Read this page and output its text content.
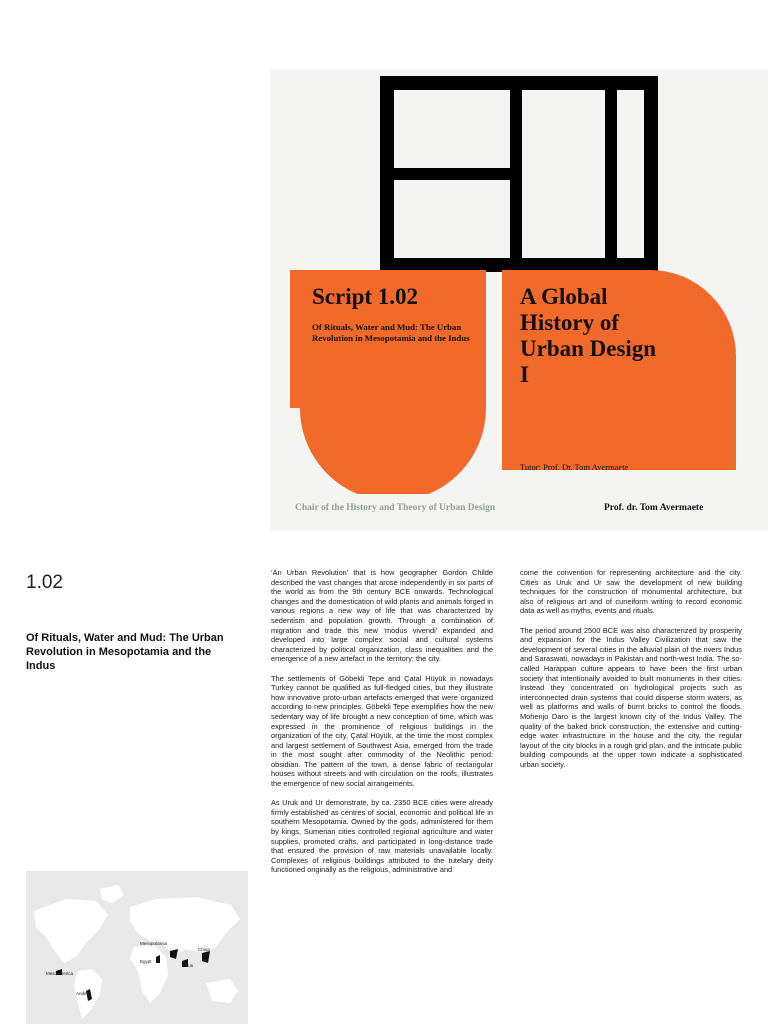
Script 1.02

Of Rituals, Water and Mud: The Urban Revolution in Mesopotamia and the Indus

A Global
History of
Urban Design
I

Tutor: Prof. Dr. Tom Avermaete

Chair of the History and Theory of Urban Design	Prof. dr. Tom Avermaete

1.02
Of Rituals, Water and Mud: The Urban Revolution in Mesopotamia and the Indus
Mesopotamia
China
Egypt
Indus
Mesoamerica
Andes

‘An Urban Revolution’ that is how geographer Gordon Childe described the vast changes that arose independently in six parts of the world as from the 9th century BCE onwards. Technological changes and the domestication of wild plants and animals forged in various regions a new way of life that was characterized by sedentism and population growth. Through a combination of migration and trade this new ‘modus vivendi’ expanded and developed into large complex social and cultural systems characterized by political organization, class inequalities and the emergence of a new artefact in the territory: the city.

The settlements of Göbekli Tepe and Çatal Hüyük in nowadays Turkey cannot be qualified as full-fledged cities, but they illustrate how innovative proto-urban artefacts emerged that were organized according to new principles. Göbekli Tepe exemplifies how the new sedentary way of life brought a new conception of time, which was expressed in the prominence of religious buildings in the organization of the city. Çatal Hüyük, at the time the most complex and largest settlement of Southwest Asia, emerged from the trade in the most sought after commodity of the Neolithic period: obsidian. The pattern of the town, a dense fabric of rectangular houses without streets and with circulation on the roofs, illustrates the emergence of new social arrangements.

As Uruk and Ur demonstrate, by ca. 2350 BCE cities were already firmly established as centres of social, economic and political life in southern Mesopotamia. Owned by the gods, administered for them by kings, Sumerian cities controlled regional agriculture and water supplies, promoted crafts, and participated in long-distance trade that ensured the provision of raw materials unavailable locally. Complexes of religious buildings attributed to the tutelary deity functioned originally as the religious, administrative and

come the convention for representing architecture and the city. Cities as Uruk and Ur saw the development of new building techniques for the construction of monumental architecture, but also of religious art and of cuneiform writing to record economic data as well as myths, events and rituals.

The period around 2500 BCE was also characterized by prosperity and expansion for the Indus Valley Civilization that saw the development of several cities in the alluvial plain of the rivers Indus and Saraswati, nowadays in Pakistan and north-west India. The so-called Harappan culture appears to have been the first urban society that intentionally avoided to built monuments in their cities. Instead they concentrated on hydrological projects such as interconnected drain systems that could disperse storm waters, as well as platforms and walls of burnt bricks to control the floods. Mohenjo Daro is the largest known city of the Indus Valley. The quality of the baked brick construction, the extensive and cutting-edge water infrastructure in the house and the city, the regular layout of the city blocks in a rough grid plan, and the intricate public building compounds at the upper town indicate a sophisticated urban society.
